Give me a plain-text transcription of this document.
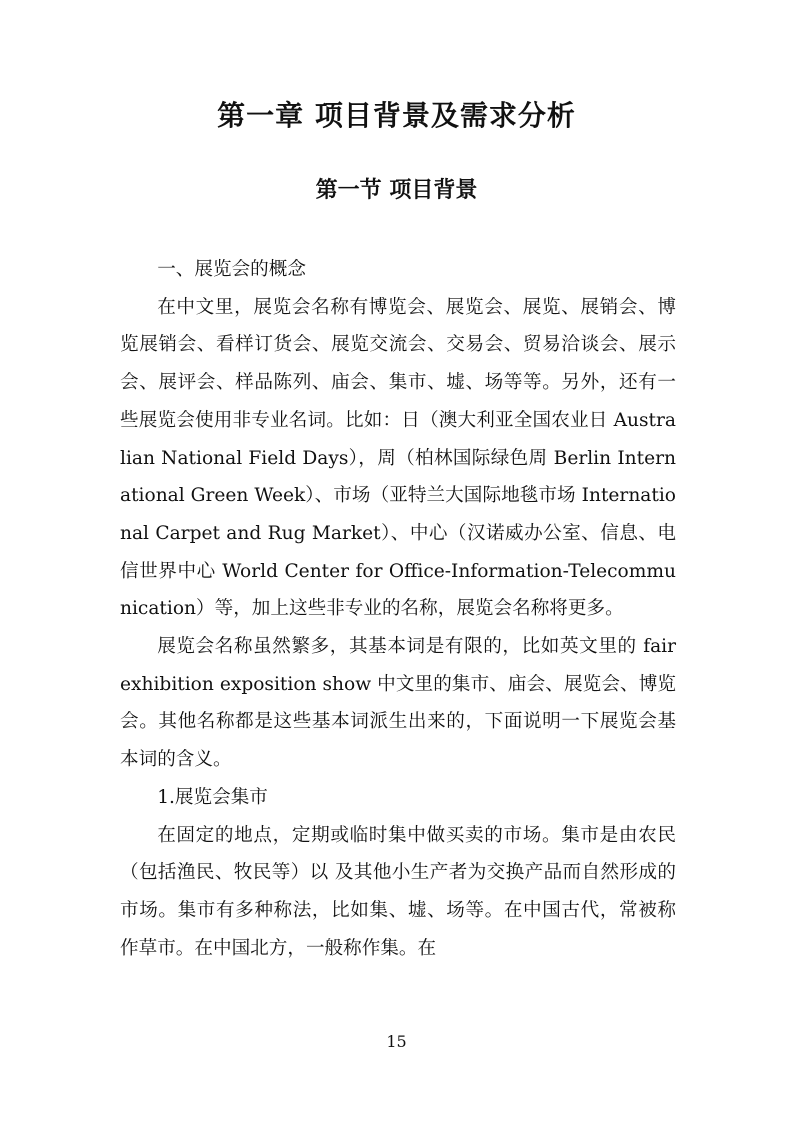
第一章 项目背景及需求分析
第一节 项目背景

一、展览会的概念

在中文里，展览会名称有博览会、展览会、展览、展销会、博览展销会、看样订货会、展览交流会、交易会、贸易洽谈会、展示会、展评会、样品陈列、庙会、集市、墟、场等等。另外，还有一些展览会使用非专业名词。比如：日（澳大利亚全国农业日 Australian National Field Days），周（柏林国际绿色周 Berlin International Green Week）、市场（亚特兰大国际地毯市场 International Carpet and Rug Market）、中心（汉诺威办公室、信息、电信世界中心 World Center for Office-Information-Telecommunication）等，加上这些非专业的名称，展览会名称将更多。

展览会名称虽然繁多，其基本词是有限的，比如英文里的 fair exhibition exposition show 中文里的集市、庙会、展览会、博览会。其他名称都是这些基本词派生出来的，下面说明一下展览会基本词的含义。

1.展览会集市

在固定的地点，定期或临时集中做买卖的市场。集市是由农民（包括渔民、牧民等）以 及其他小生产者为交换产品而自然形成的市场。集市有多种称法，比如集、墟、场等。在中国古代，常被称作草市。在中国北方，一般称作集。在

15
